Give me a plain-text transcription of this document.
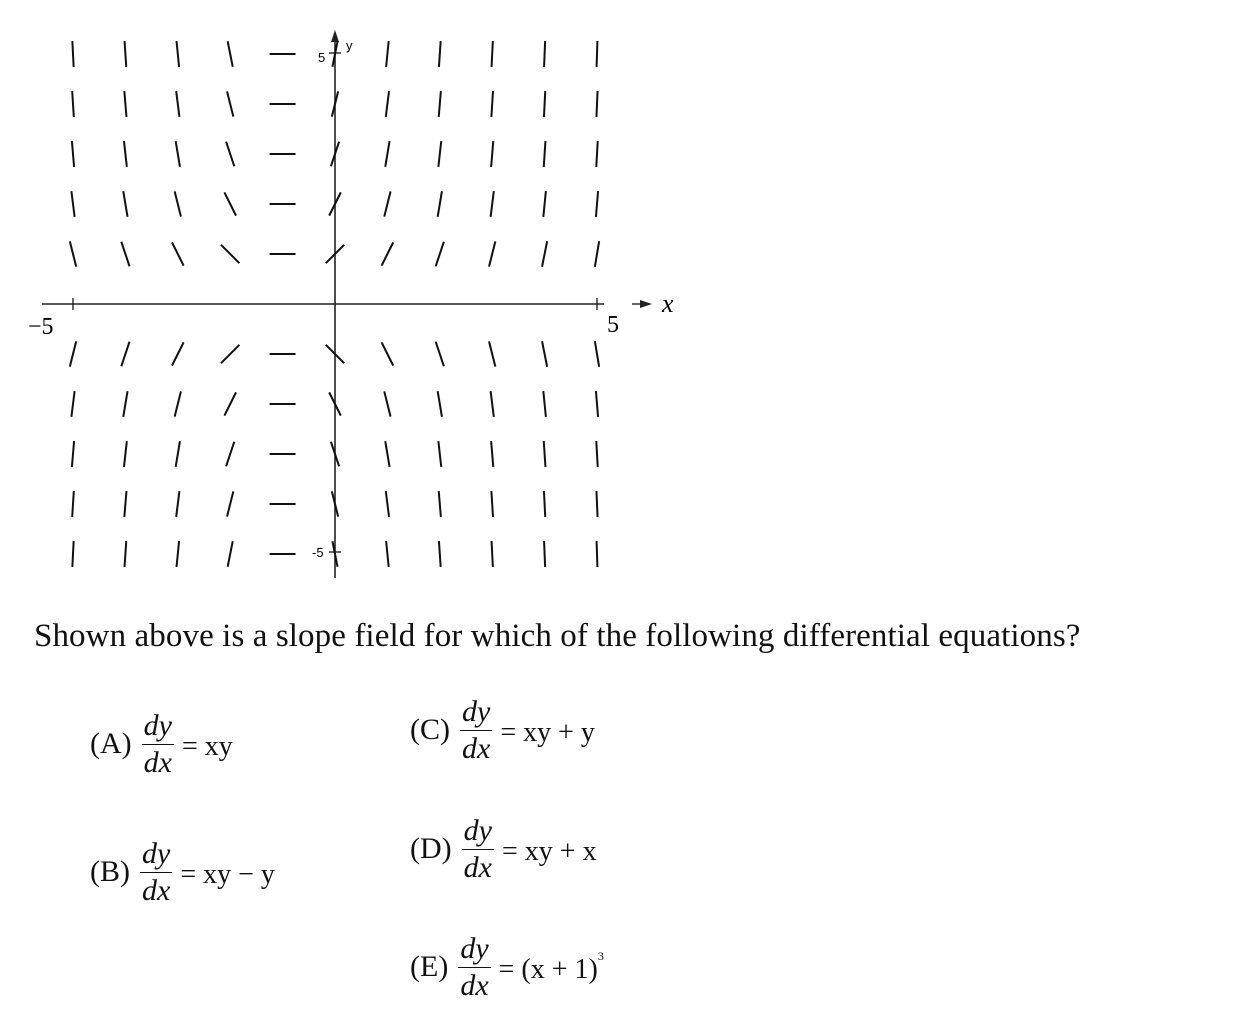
−5	5
x
5
y
-5
Shown above is a slope field for which of the following differential equations?
$(A) \frac{dy}{dx}$ = xy
$(B) \frac{dy}{dx}$ = xy − y
$(C) \frac{dy}{dx}$ = xy + y
$(D) \frac{dy}{dx}$ = xy + x
$(E) \frac{dy}{dx} = (x + 1)^3$
